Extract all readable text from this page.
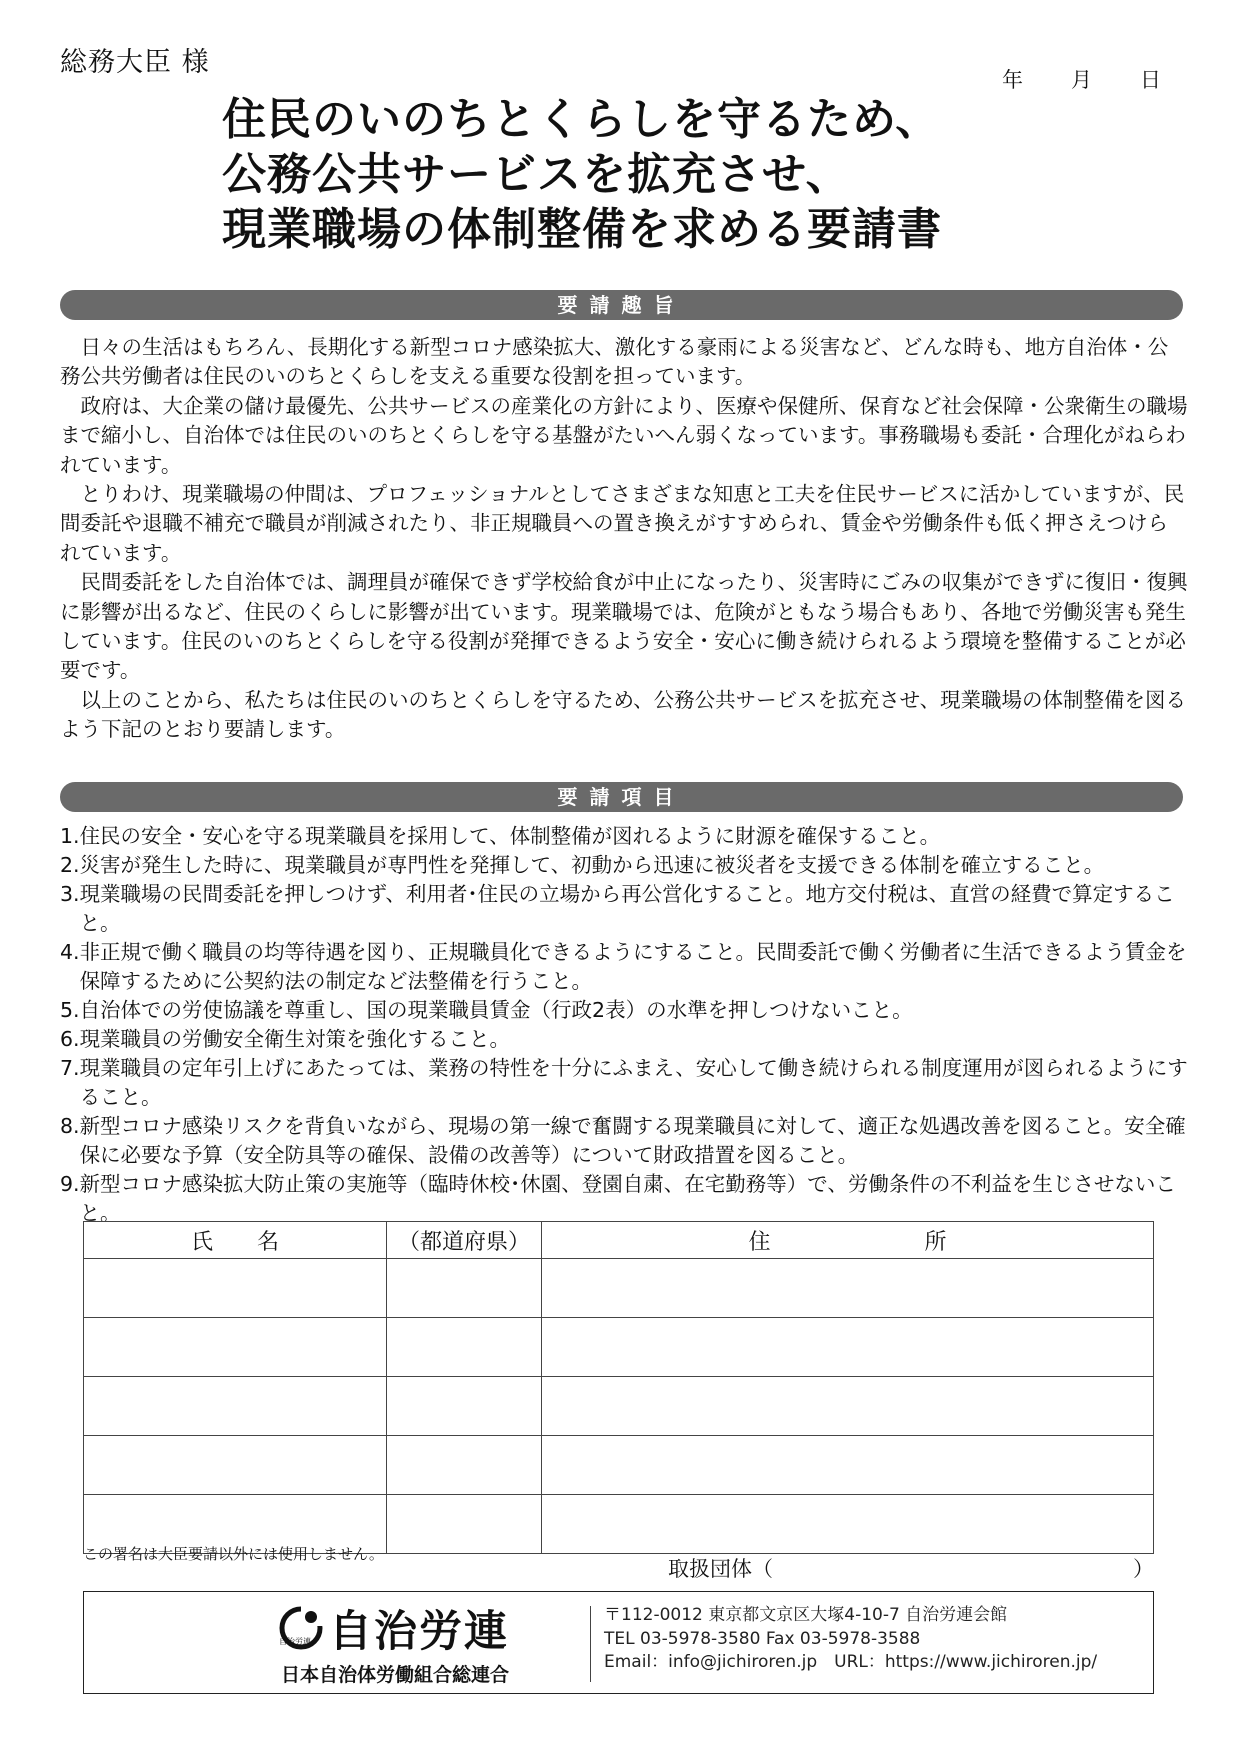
総務大臣 様
年 月 日
住民のいのちとくらしを守るため、
公務公共サービスを拡充させ、
現業職場の体制整備を求める要請書
要請趣旨

日々の生活はもちろん、長期化する新型コロナ感染拡大、激化する豪雨による災害など、どんな時も、地方自治体・公務公共労働者は住民のいのちとくらしを支える重要な役割を担っています。

政府は、大企業の儲け最優先、公共サービスの産業化の方針により、医療や保健所、保育など社会保障・公衆衛生の職場まで縮小し、自治体では住民のいのちとくらしを守る基盤がたいへん弱くなっています。事務職場も委託・合理化がねらわれています。

とりわけ、現業職場の仲間は、プロフェッショナルとしてさまざまな知恵と工夫を住民サービスに活かしていますが、民間委託や退職不補充で職員が削減されたり、非正規職員への置き換えがすすめられ、賃金や労働条件も低く押さえつけられています。

民間委託をした自治体では、調理員が確保できず学校給食が中止になったり、災害時にごみの収集ができずに復旧・復興に影響が出るなど、住民のくらしに影響が出ています。現業職場では、危険がともなう場合もあり、各地で労働災害も発生しています。住民のいのちとくらしを守る役割が発揮できるよう安全・安心に働き続けられるよう環境を整備することが必要です。

以上のことから、私たちは住民のいのちとくらしを守るため、公務公共サービスを拡充させ、現業職場の体制整備を図るよう下記のとおり要請します。

要請項目
1. 住民の安全・安心を守る現業職員を採用して、体制整備が図れるように財源を確保すること。
2. 災害が発生した時に、現業職員が専門性を発揮して、初動から迅速に被災者を支援できる体制を確立すること。
3. 現業職場の民間委託を押しつけず、利用者･住民の立場から再公営化すること。地方交付税は、直営の経費で算定すること。
4. 非正規で働く職員の均等待遇を図り、正規職員化できるようにすること。民間委託で働く労働者に生活できるよう賃金を保障するために公契約法の制定など法整備を行うこと。
5. 自治体での労使協議を尊重し、国の現業職員賃金（行政2表）の水準を押しつけないこと。
6. 現業職員の労働安全衛生対策を強化すること。
7. 現業職員の定年引上げにあたっては、業務の特性を十分にふまえ、安心して働き続けられる制度運用が図られるようにすること。
8. 新型コロナ感染リスクを背負いながら、現場の第一線で奮闘する現業職員に対して、適正な処遇改善を図ること。安全確保に必要な予算（安全防具等の確保、設備の改善等）について財政措置を図ること。
9. 新型コロナ感染拡大防止策の実施等（臨時休校･休園、登園自粛、在宅勤務等）で、労働条件の不利益を生じさせないこと。
氏　　名	（都道府県）	住　　　　　　　所

この署名は大臣要請以外には使用しません。
取扱団体（	）
自治労連 自治労連
日本自治体労働組合総連合
〒112-0012 東京都文京区大塚4-10-7 自治労連会館
TEL 03-5978-3580 Fax 03-5978-3588
Email：info@jichiroren.jp　URL：https://www.jichiroren.jp/
